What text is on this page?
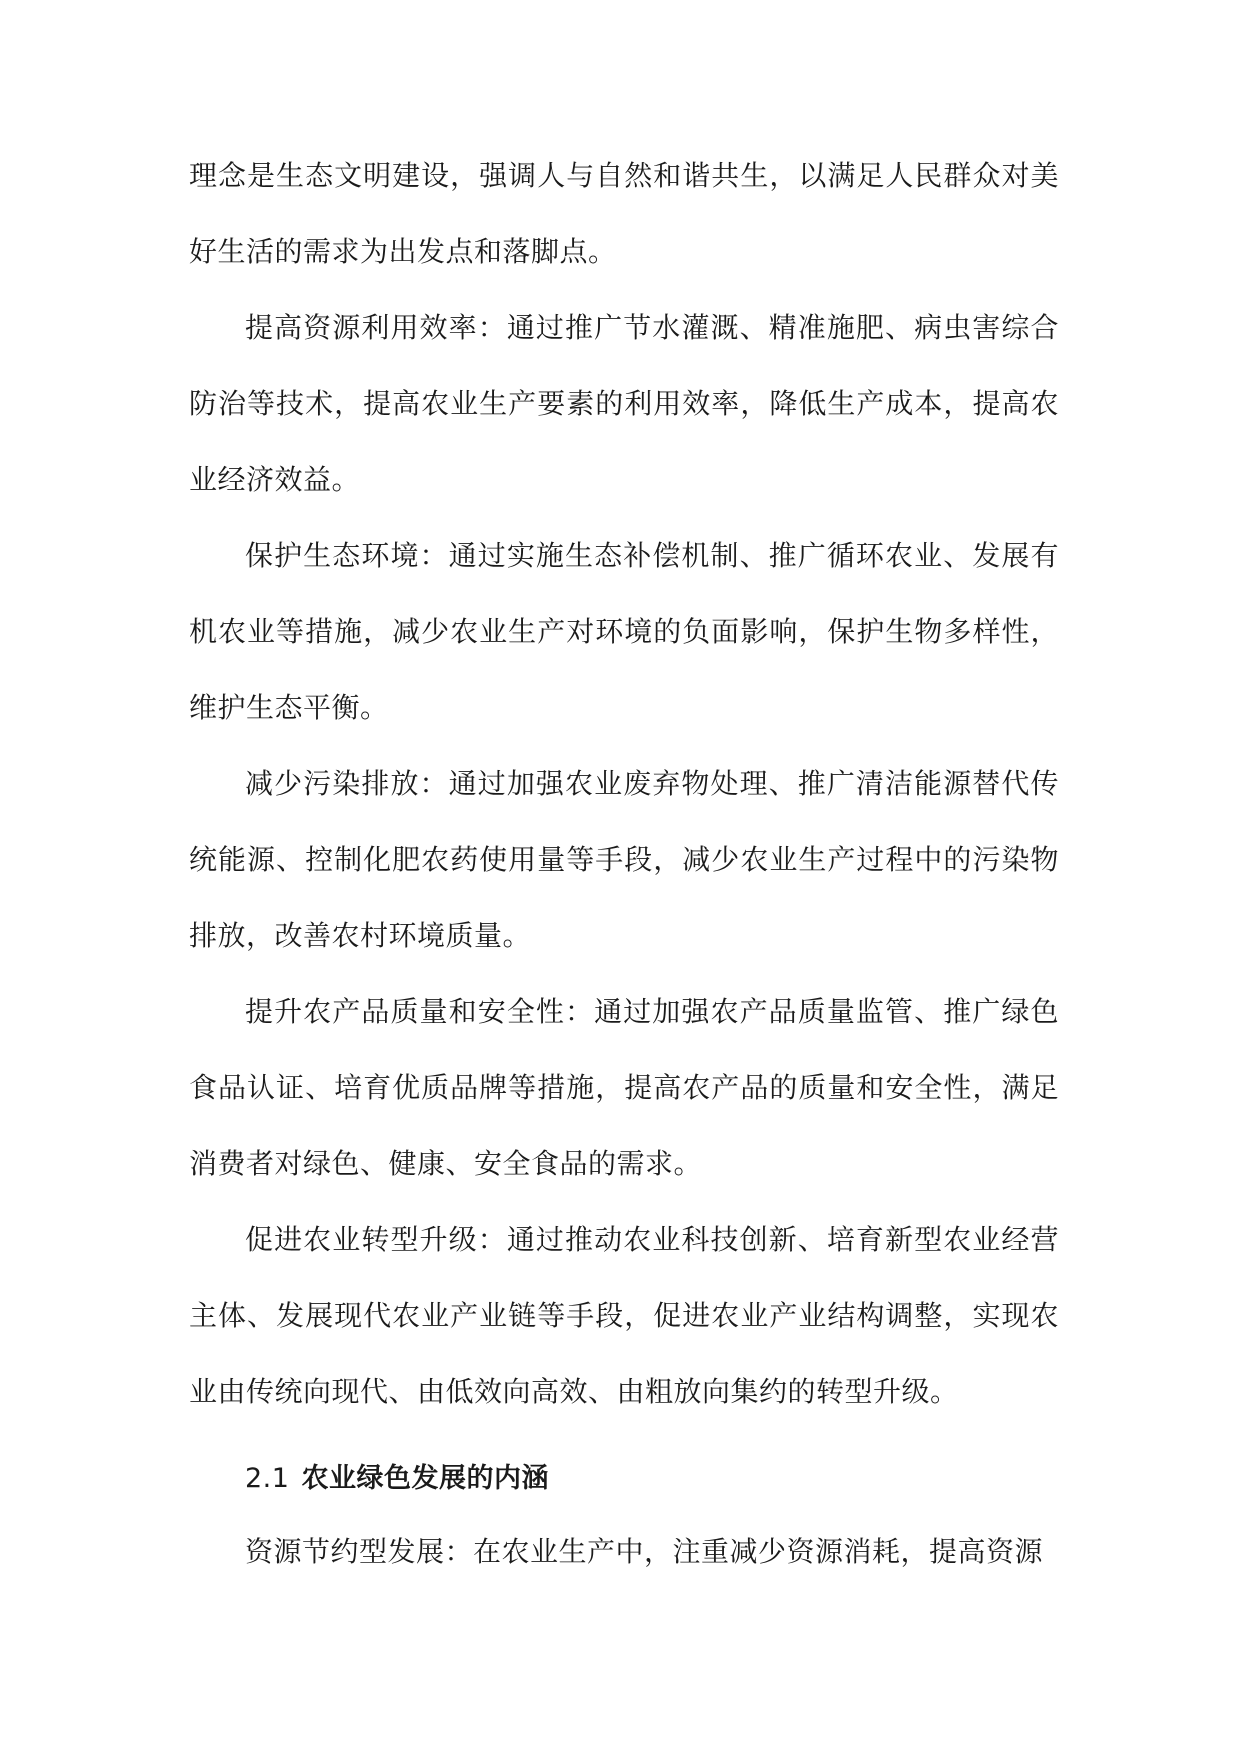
理念是生态文明建设，强调人与自然和谐共生，以满足人民群众对美好生活的需求为出发点和落脚点。

提高资源利用效率：通过推广节水灌溉、精准施肥、病虫害综合防治等技术，提高农业生产要素的利用效率，降低生产成本，提高农业经济效益。

保护生态环境：通过实施生态补偿机制、推广循环农业、发展有机农业等措施，减少农业生产对环境的负面影响，保护生物多样性，维护生态平衡。

减少污染排放：通过加强农业废弃物处理、推广清洁能源替代传统能源、控制化肥农药使用量等手段，减少农业生产过程中的污染物排放，改善农村环境质量。

提升农产品质量和安全性：通过加强农产品质量监管、推广绿色食品认证、培育优质品牌等措施，提高农产品的质量和安全性，满足消费者对绿色、健康、安全食品的需求。

促进农业转型升级：通过推动农业科技创新、培育新型农业经营主体、发展现代农业产业链等手段，促进农业产业结构调整，实现农业由传统向现代、由低效向高效、由粗放向集约的转型升级。

2.1 农业绿色发展的内涵

资源节约型发展：在农业生产中，注重减少资源消耗，提高资源
